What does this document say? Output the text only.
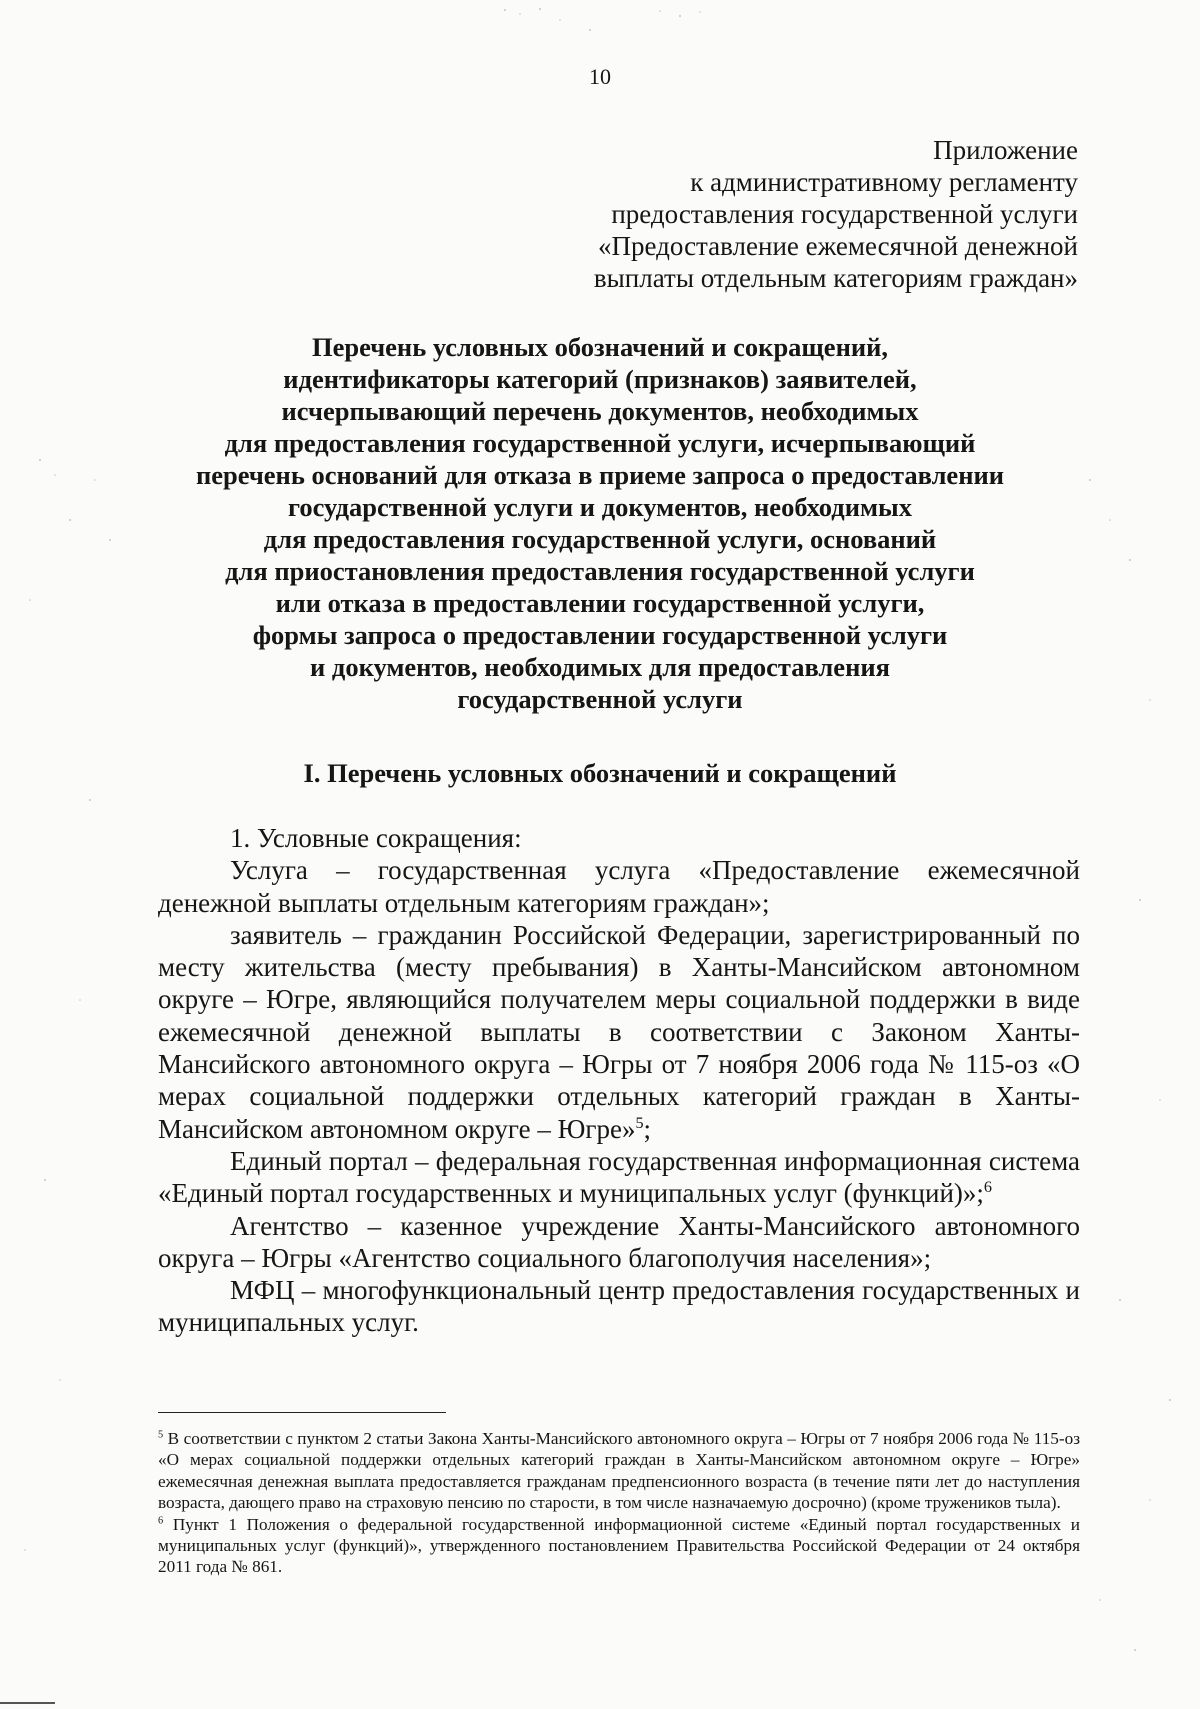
10
Приложение
к административному регламенту
предоставления государственной услуги
«Предоставление ежемесячной денежной
выплаты отдельным категориям граждан»
Перечень условных обозначений и сокращений,
идентификаторы категорий (признаков) заявителей,
исчерпывающий перечень документов, необходимых
для предоставления государственной услуги, исчерпывающий
перечень оснований для отказа в приеме запроса о предоставлении
государственной услуги и документов, необходимых
для предоставления государственной услуги, оснований
для приостановления предоставления государственной услуги
или отказа в предоставлении государственной услуги,
формы запроса о предоставлении государственной услуги
и документов, необходимых для предоставления
государственной услуги
I. Перечень условных обозначений и сокращений

1. Условные сокращения:

Услуга – государственная услуга «Предоставление ежемесячной денежной выплаты отдельным категориям граждан»;

заявитель – гражданин Российской Федерации, зарегистрированный по месту жительства (месту пребывания) в Ханты-Мансийском автономном округе – Югре, являющийся получателем меры социальной поддержки в виде ежемесячной денежной выплаты в соответствии с Законом Ханты-Мансийского автономного округа – Югры от 7 ноября 2006 года № 115-оз «О мерах социальной поддержки отдельных категорий граждан в Ханты-Мансийском автономном округе – Югре»$^5$;

Единый портал – федеральная государственная информационная система «Единый портал государственных и муниципальных услуг (функций)»;$^6$

Агентство – казенное учреждение Ханты-Мансийского автономного округа – Югры «Агентство социального благополучия населения»;

МФЦ – многофункциональный центр предоставления государственных и муниципальных услуг.

$^5$ В соответствии с пунктом 2 статьи Закона Ханты-Мансийского автономного округа – Югры от 7 ноября 2006 года № 115-оз «О мерах социальной поддержки отдельных категорий граждан в Ханты-Мансийском автономном округе – Югре» ежемесячная денежная выплата предоставляется гражданам предпенсионного возраста (в течение пяти лет до наступления возраста, дающего право на страховую пенсию по старости, в том числе назначаемую досрочно) (кроме тружеников тыла).

$^6$ Пункт 1 Положения о федеральной государственной информационной системе «Единый портал государственных и муниципальных услуг (функций)», утвержденного постановлением Правительства Российской Федерации от 24 октября 2011 года № 861.
